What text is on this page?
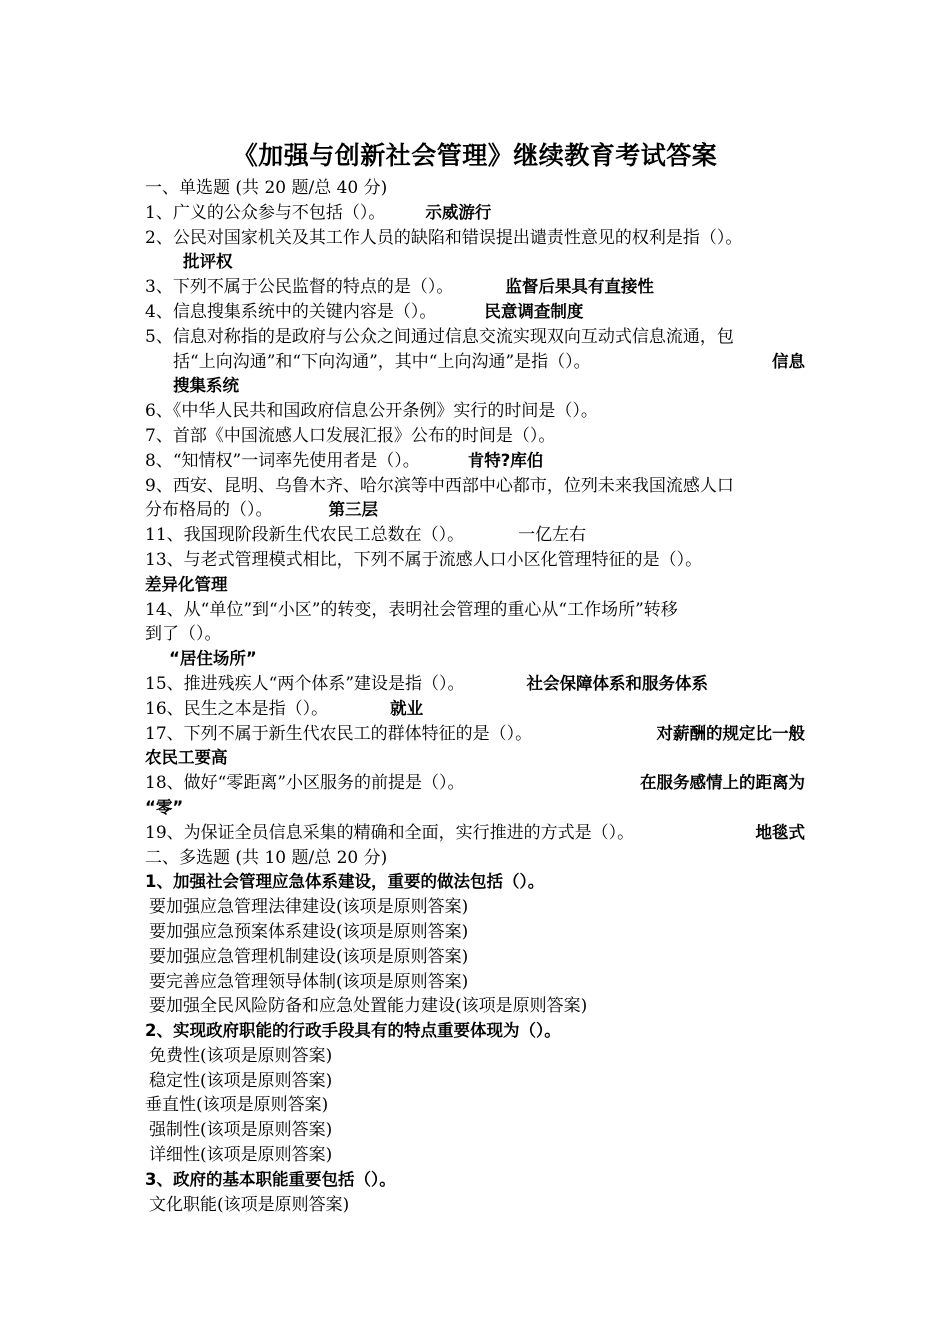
《加强与创新社会管理》继续教育考试答案
一、单选题 (共 20 题/总 40 分)
1、广义的公众参与不包括（）。 示威游行
2、公民对国家机关及其工作人员的缺陷和错误提出谴责性意见的权利是指（）。
批评权
3、下列不属于公民监督的特点的是（）。	监督后果具有直接性
4、信息搜集系统中的关键内容是（）。	民意调查制度
5、信息对称指的是政府与公众之间通过信息交流实现双向互动式信息流通，包
括“上向沟通”和“下向沟通”，其中“上向沟通”是指（）。	信息
搜集系统
6、《中华人民共和国政府信息公开条例》实行的时间是（）。
7、首部《中国流感人口发展汇报》公布的时间是（）。
8、“知情权”一词率先使用者是（）。	肯特?库伯
9、西安、昆明、乌鲁木齐、哈尔滨等中西部中心都市，位列未来我国流感人口
分布格局的（）。	第三层
11、我国现阶段新生代农民工总数在（）。	一亿左右
13、与老式管理模式相比，下列不属于流感人口小区化管理特征的是（）。
差异化管理
14、从“单位”到“小区”的转变，表明社会管理的重心从“工作场所”转移
到了（）。
“居住场所”
15、推进残疾人“两个体系”建设是指（）。	社会保障体系和服务体系
16、民生之本是指（）。	就业
17、下列不属于新生代农民工的群体特征的是（）。	对薪酬的规定比一般
农民工要高
18、做好“零距离”小区服务的前提是（）。	在服务感情上的距离为
“零”
19、为保证全员信息采集的精确和全面，实行推进的方式是（）。	地毯式
二、多选题 (共 10 题/总 20 分)
1、加强社会管理应急体系建设，重要的做法包括（）。
要加强应急管理法律建设(该项是原则答案)
要加强应急预案体系建设(该项是原则答案)
要加强应急管理机制建设(该项是原则答案)
要完善应急管理领导体制(该项是原则答案)
要加强全民风险防备和应急处置能力建设(该项是原则答案)
2、实现政府职能的行政手段具有的特点重要体现为（）。
免费性(该项是原则答案)
稳定性(该项是原则答案)
垂直性(该项是原则答案)
强制性(该项是原则答案)
详细性(该项是原则答案)
3、政府的基本职能重要包括（）。
文化职能(该项是原则答案)
